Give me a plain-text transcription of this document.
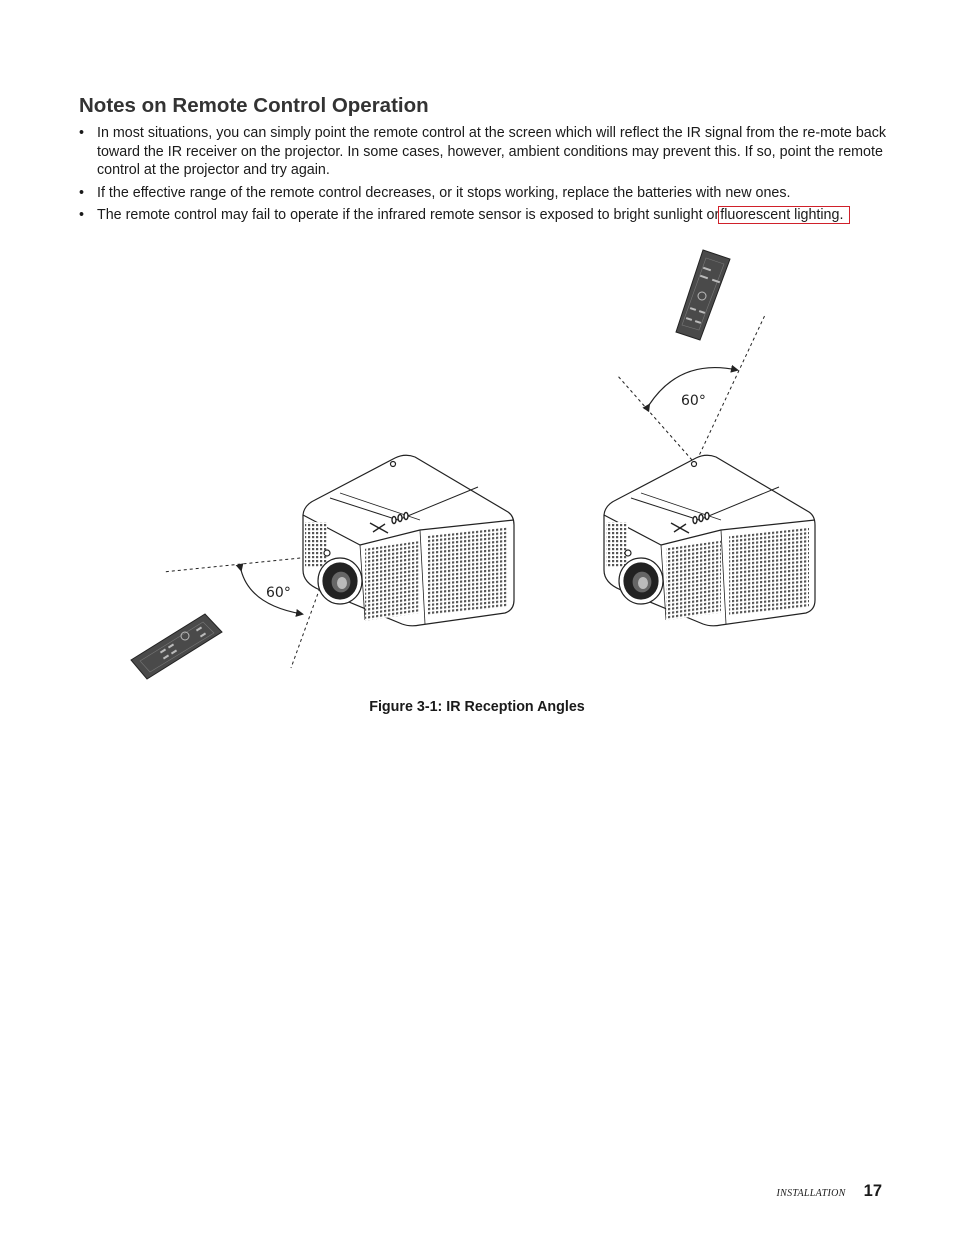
Notes on Remote Control Operation
• In most situations, you can simply point the remote control at the screen which will reflect the IR signal from the re-mote back toward the IR receiver on the projector. In some cases, however, ambient conditions may prevent this. If so, point the remote control at the projector and try again.
• If the effective range of the remote control decreases, or it stops working, replace the batteries with new ones.
• The remote control may fail to operate if the infrared remote sensor is exposed to bright sunlight orfluorescent lighting.
60°
60°
Figure 3-1: IR Reception Angles
INSTALLATION 17
